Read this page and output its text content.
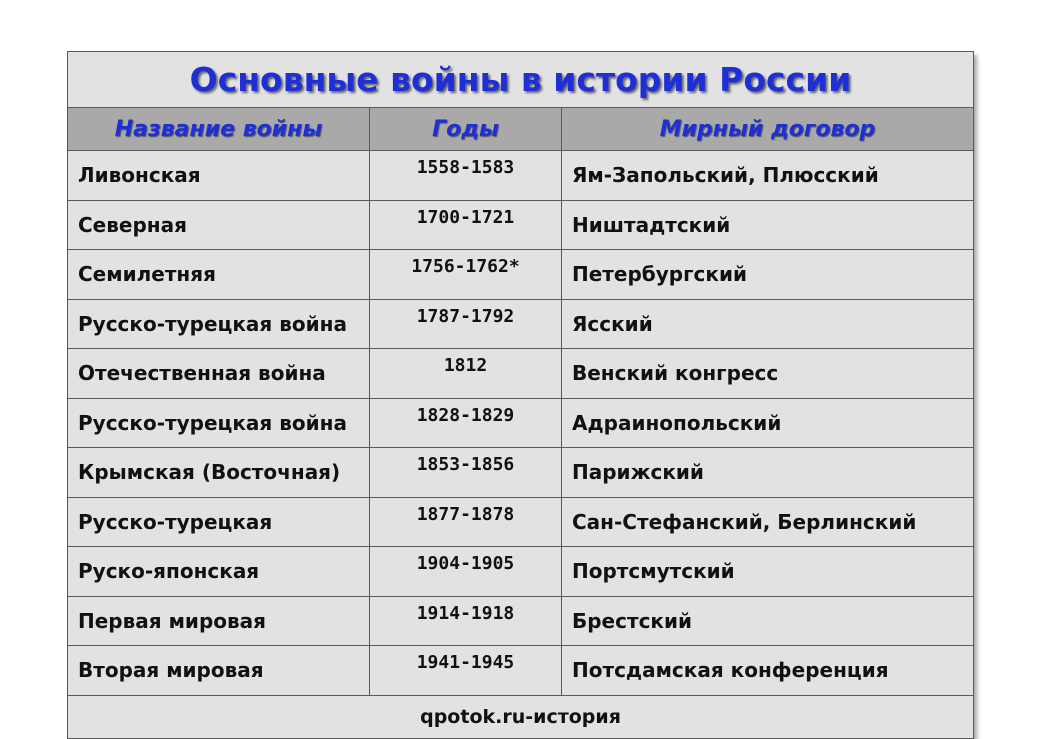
Основные войны в истории России		
Название войны	Годы	Мирный договор
Ливонская	1558-1583	Ям-Запольский, Плюсский
Северная	1700-1721	Ништадтский
Семилетняя	1756-1762*	Петербургский
Русско-турецкая война	1787-1792	Ясский
Отечественная война	1812	Венский конгресс
Русско-турецкая война	1828-1829	Адраинопольский
Крымская (Восточная)	1853-1856	Парижский
Русско-турецкая	1877-1878	Сан-Стефанский, Берлинский
Руско-японская	1904-1905	Портсмутский
Первая мировая	1914-1918	Брестский
Вторая мировая	1941-1945	Потсдамская конференция
qpotok.ru-история		
